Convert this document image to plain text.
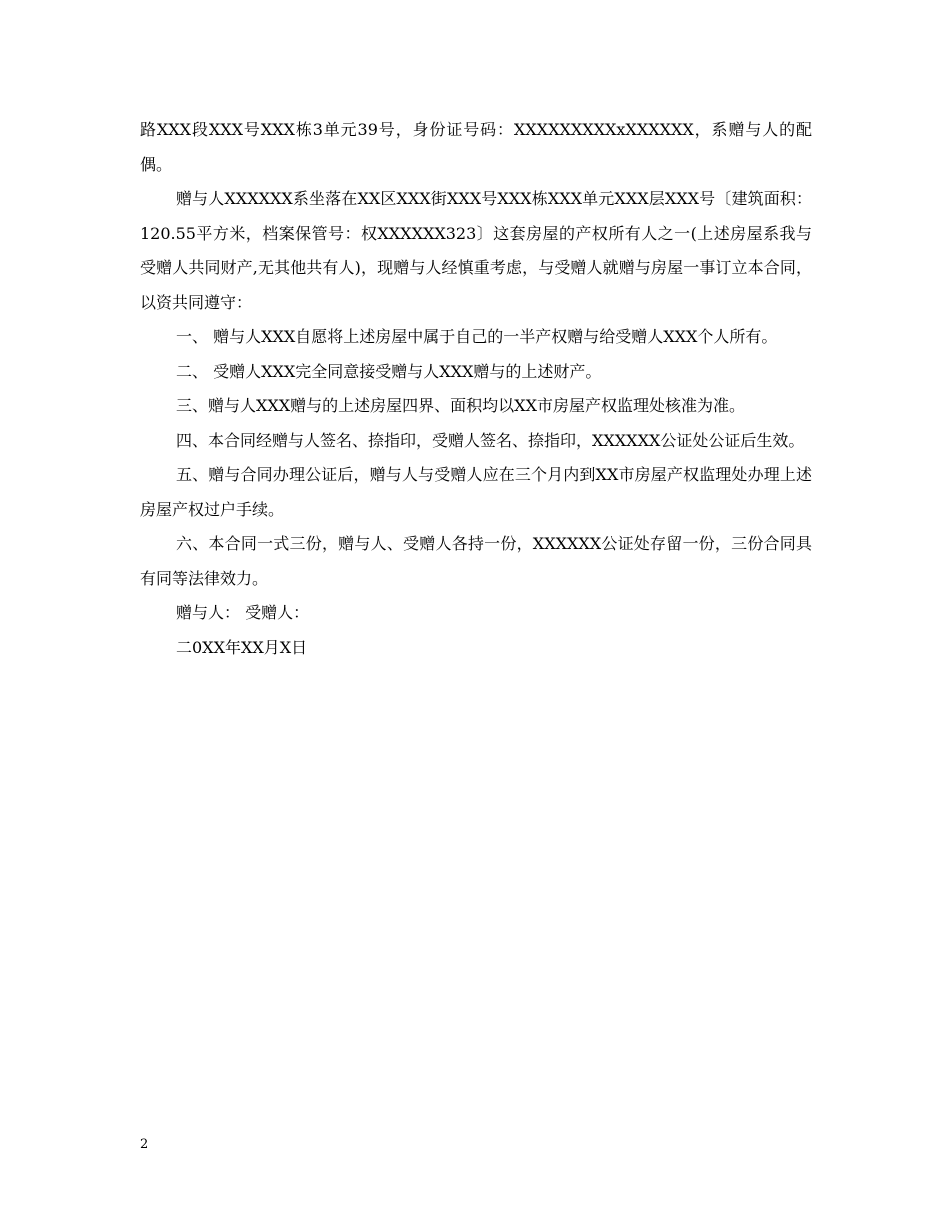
路XXX段XXX号XXX栋3单元39号，身份证号码：XXXXXXXXXxXXXXXX，系赠与人的配偶。

赠与人XXXXXX系坐落在XX区XXX街XXX号XXX栋XXX单元XXX层XXX号〔建筑面积：120.55平方米，档案保管号：权XXXXXX323〕这套房屋的产权所有人之一(上述房屋系我与受赠人共同财产,无其他共有人)，现赠与人经慎重考虑，与受赠人就赠与房屋一事订立本合同，以资共同遵守：

一、 赠与人XXX自愿将上述房屋中属于自己的一半产权赠与给受赠人XXX个人所有。

二、 受赠人XXX完全同意接受赠与人XXX赠与的上述财产。

三、赠与人XXX赠与的上述房屋四界、面积均以XX市房屋产权监理处核准为准。

四、本合同经赠与人签名、捺指印，受赠人签名、捺指印，XXXXXX公证处公证后生效。

五、赠与合同办理公证后，赠与人与受赠人应在三个月内到XX市房屋产权监理处办理上述房屋产权过户手续。

六、本合同一式三份，赠与人、受赠人各持一份，XXXXXX公证处存留一份，三份合同具有同等法律效力。

赠与人： 受赠人：

二0XX年XX月X日

2
